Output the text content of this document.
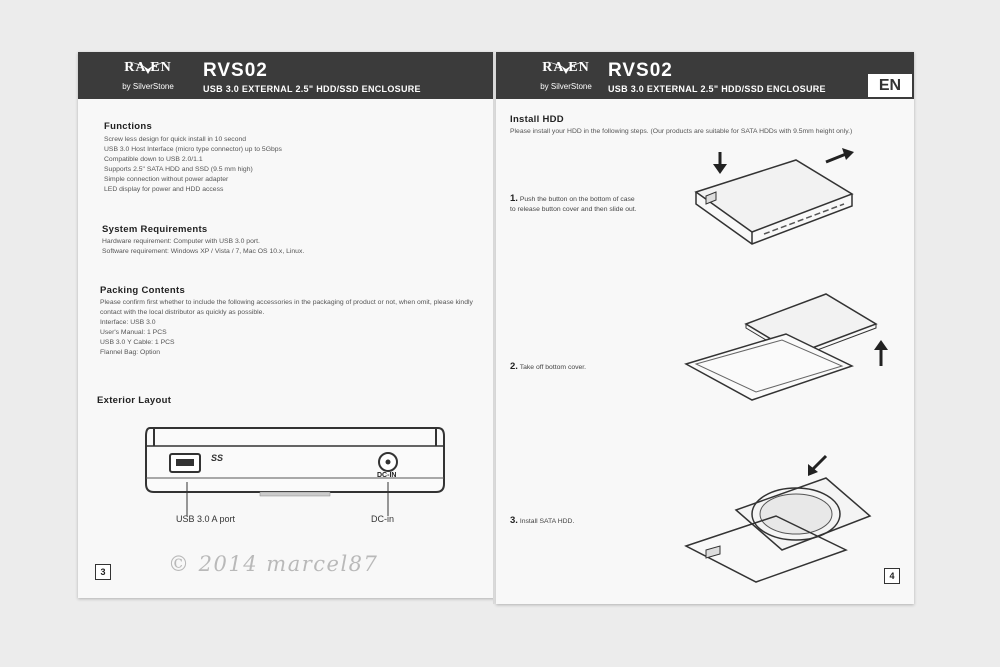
RA EN
by SilverStone
RVS02
USB 3.0 EXTERNAL 2.5" HDD/SSD ENCLOSURE
Functions
Screw less design for quick install in 10 second
USB 3.0 Host Interface (micro type connector) up to 5Gbps
Compatible down to USB 2.0/1.1
Supports 2.5" SATA HDD and SSD (9.5 mm high)
Simple connection without power adapter
LED display for power and HDD access
System Requirements
Hardware requirement: Computer with USB 3.0 port.
Software requirement: Windows XP / Vista / 7, Mac OS 10.x, Linux.
Packing Contents
Please confirm first whether to include the following accessories in the packaging of product or not, when omit, please kindly
contact with the local distributor as quickly as possible.
Interface: USB 3.0
User's Manual: 1 PCS
USB 3.0 Y Cable: 1 PCS
Flannel Bag: Option
Exterior Layout
SS
DC-IN
USB 3.0 A port	DC-in
3
RA EN
by SilverStone
RVS02
USB 3.0 EXTERNAL 2.5" HDD/SSD ENCLOSURE	EN
Install HDD
Please install your HDD in the following steps. (Our products are suitable for SATA HDDs with 9.5mm height only.)
1. Push the button on the bottom of case
to release button cover and then slide out.
2. Take off bottom cover.
3. Install SATA HDD.
4
© 2014 marcel87
